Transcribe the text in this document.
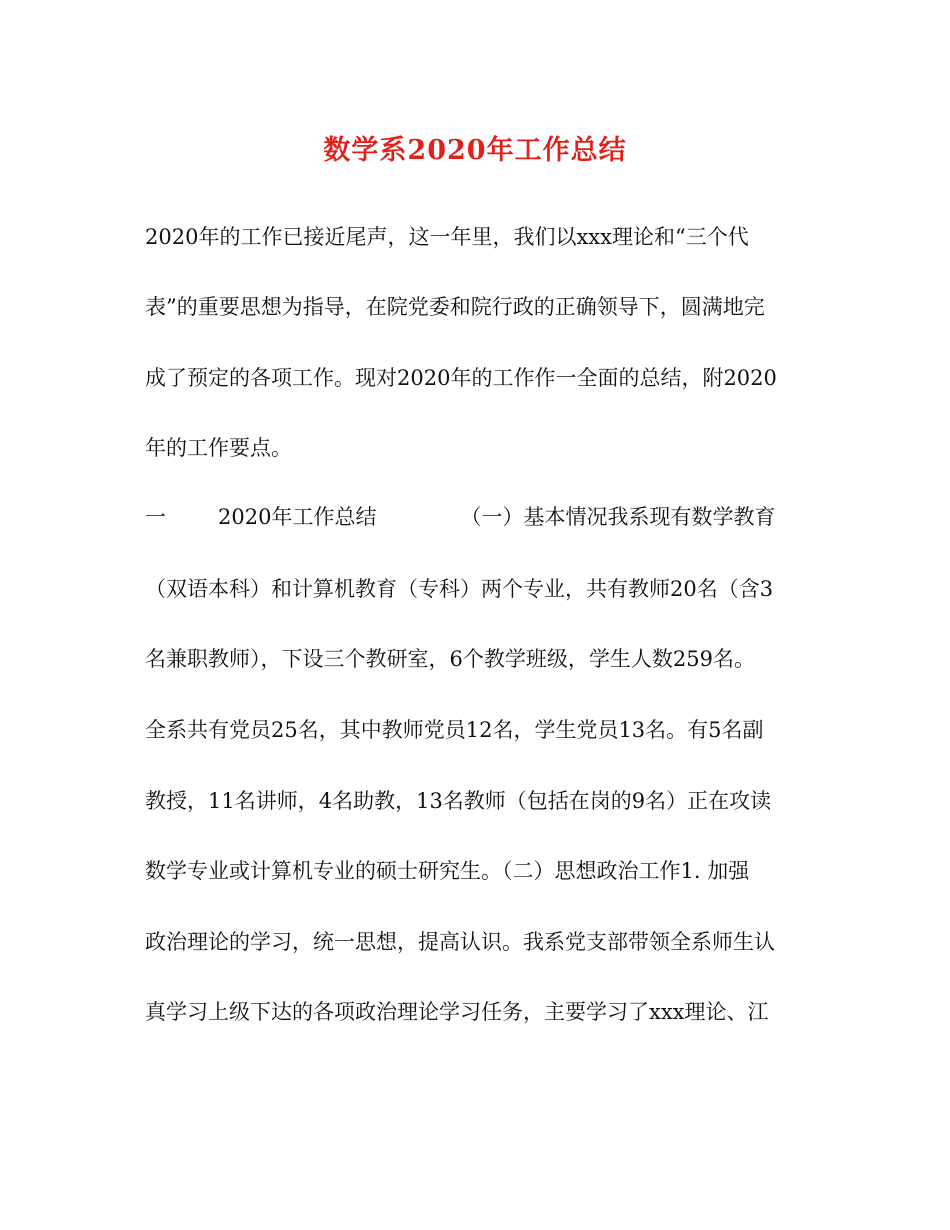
数学系2020年工作总结
2020年的工作已接近尾声，这一年里，我们以xxx理论和“三个代
表”的重要思想为指导，在院党委和院行政的正确领导下，圆满地完
成了预定的各项工作。现对2020年的工作作一全面的总结，附2020
年的工作要点。
一 2020年工作总结	（一）基本情况我系现有数学教育
（双语本科）和计算机教育（专科）两个专业，共有教师20名（含3
名兼职教师），下设三个教研室，6个教学班级，学生人数259名。
全系共有党员25名，其中教师党员12名，学生党员13名。有5名副
教授，11名讲师，4名助教，13名教师（包括在岗的9名）正在攻读
数学专业或计算机专业的硕士研究生。（二）思想政治工作1. 加强
政治理论的学习，统一思想，提高认识。我系党支部带领全系师生认
真学习上级下达的各项政治理论学习任务，主要学习了xxx理论、江
